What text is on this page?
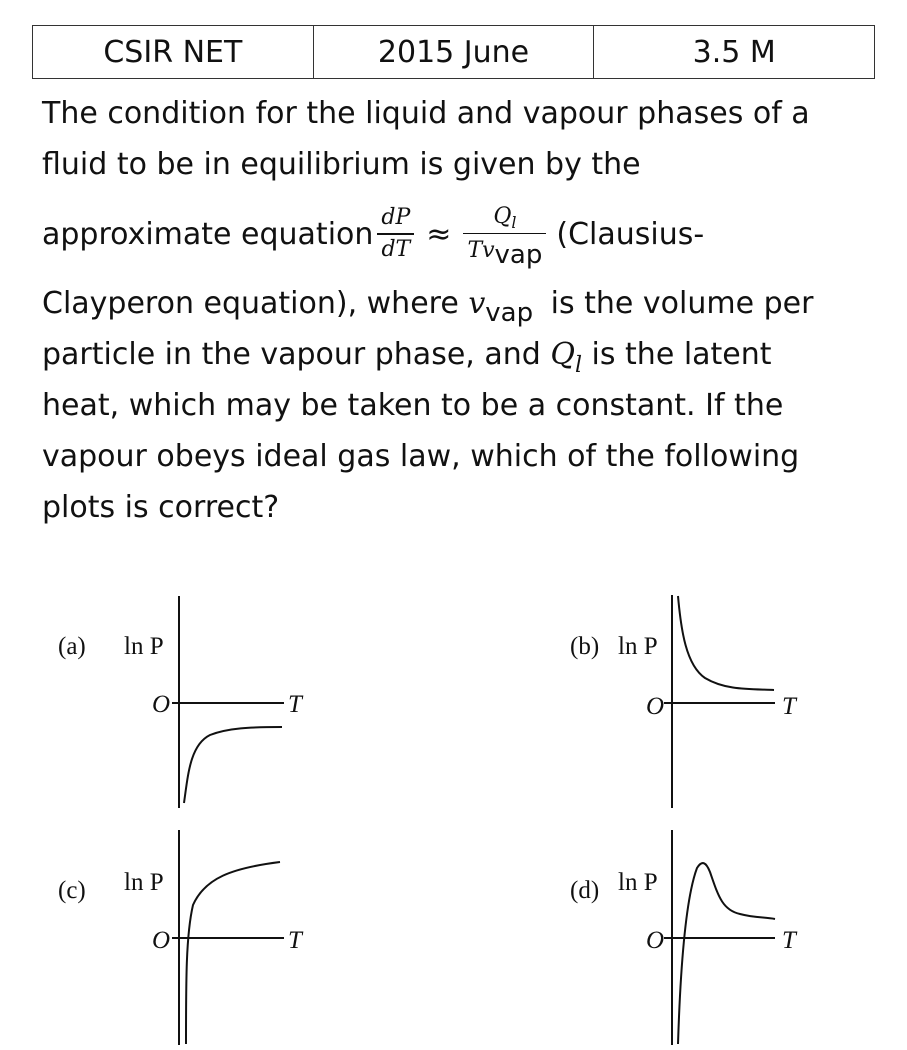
CSIR NET	2015 June	3.5 M
The condition for the liquid and vapour phases of a
fluid to be in equilibrium is given by the
approximate equation $\frac{dP}{dT} \approx \frac{Q_l}{\text{Tvvap}}$ (Clausius-
Clayperon equation), where vvap is the volume per
particle in the vapour phase, and $Q_l$ is the latent
heat, which may be taken to be a constant. If the
vapour obeys ideal gas law, which of the following
plots is correct?
(a) ln P
O	T
(b) ln P
O	T
(c) ln P
O	T
(d) ln P
O	T
